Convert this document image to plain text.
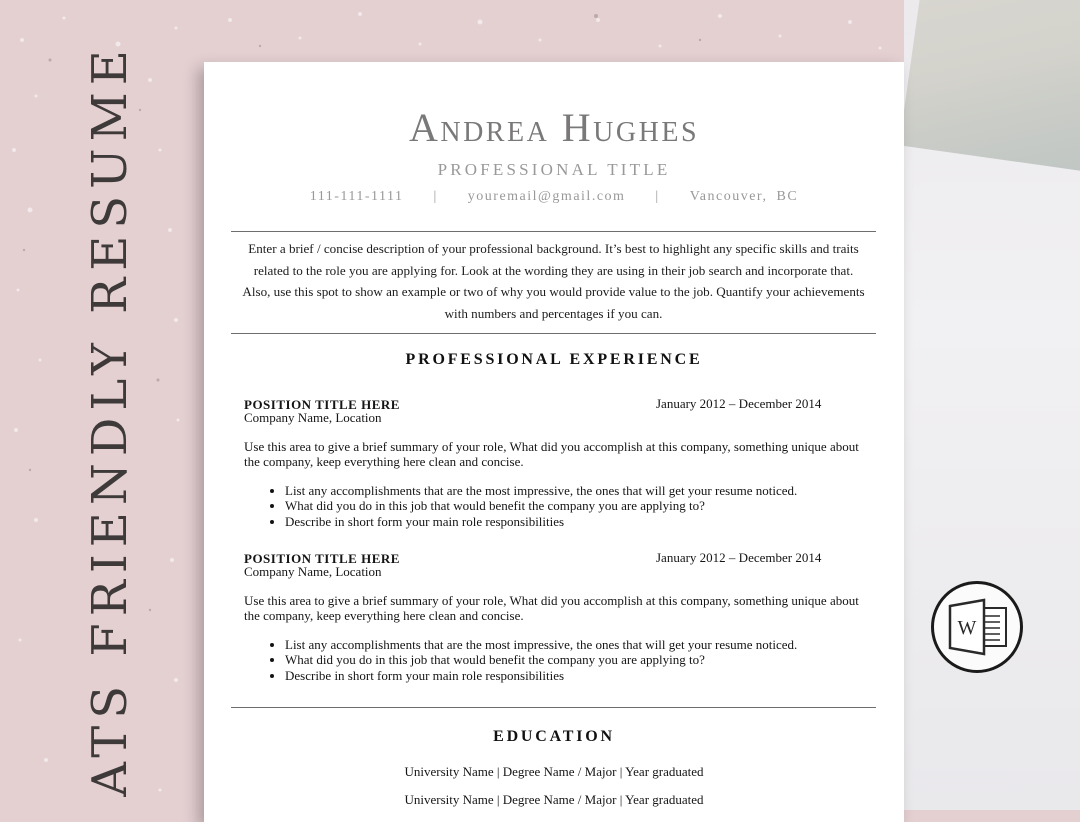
ATS FRIENDLY RESUME	Andrea Hughes
PROFESSIONAL TITLE
111-111-1111 | youremail@gmail.com | Vancouver, BC
Enter a brief / concise description of your professional background. It’s best to highlight any specific skills and traits related to the role you are applying for. Look at the wording they are using in their job search and incorporate that. Also, use this spot to show an example or two of why you would provide value to the job. Quantify your achievements with numbers and percentages if you can.
PROFESSIONAL EXPERIENCE
POSITION TITLE HERE	January 2012 – December 2014
Company Name, Location
Use this area to give a brief summary of your role, What did you accomplish at this company, something unique about the company, keep everything here clean and concise.
• List any accomplishments that are the most impressive, the ones that will get your resume noticed.
• What did you do in this job that would benefit the company you are applying to?
• Describe in short form your main role responsibilities
POSITION TITLE HERE	January 2012 – December 2014
Company Name, Location
Use this area to give a brief summary of your role, What did you accomplish at this company, something unique about the company, keep everything here clean and concise.
• List any accomplishments that are the most impressive, the ones that will get your resume noticed.
• What did you do in this job that would benefit the company you are applying to?
• Describe in short form your main role responsibilities
EDUCATION
University Name | Degree Name / Major | Year graduated
University Name | Degree Name / Major | Year graduated
W
